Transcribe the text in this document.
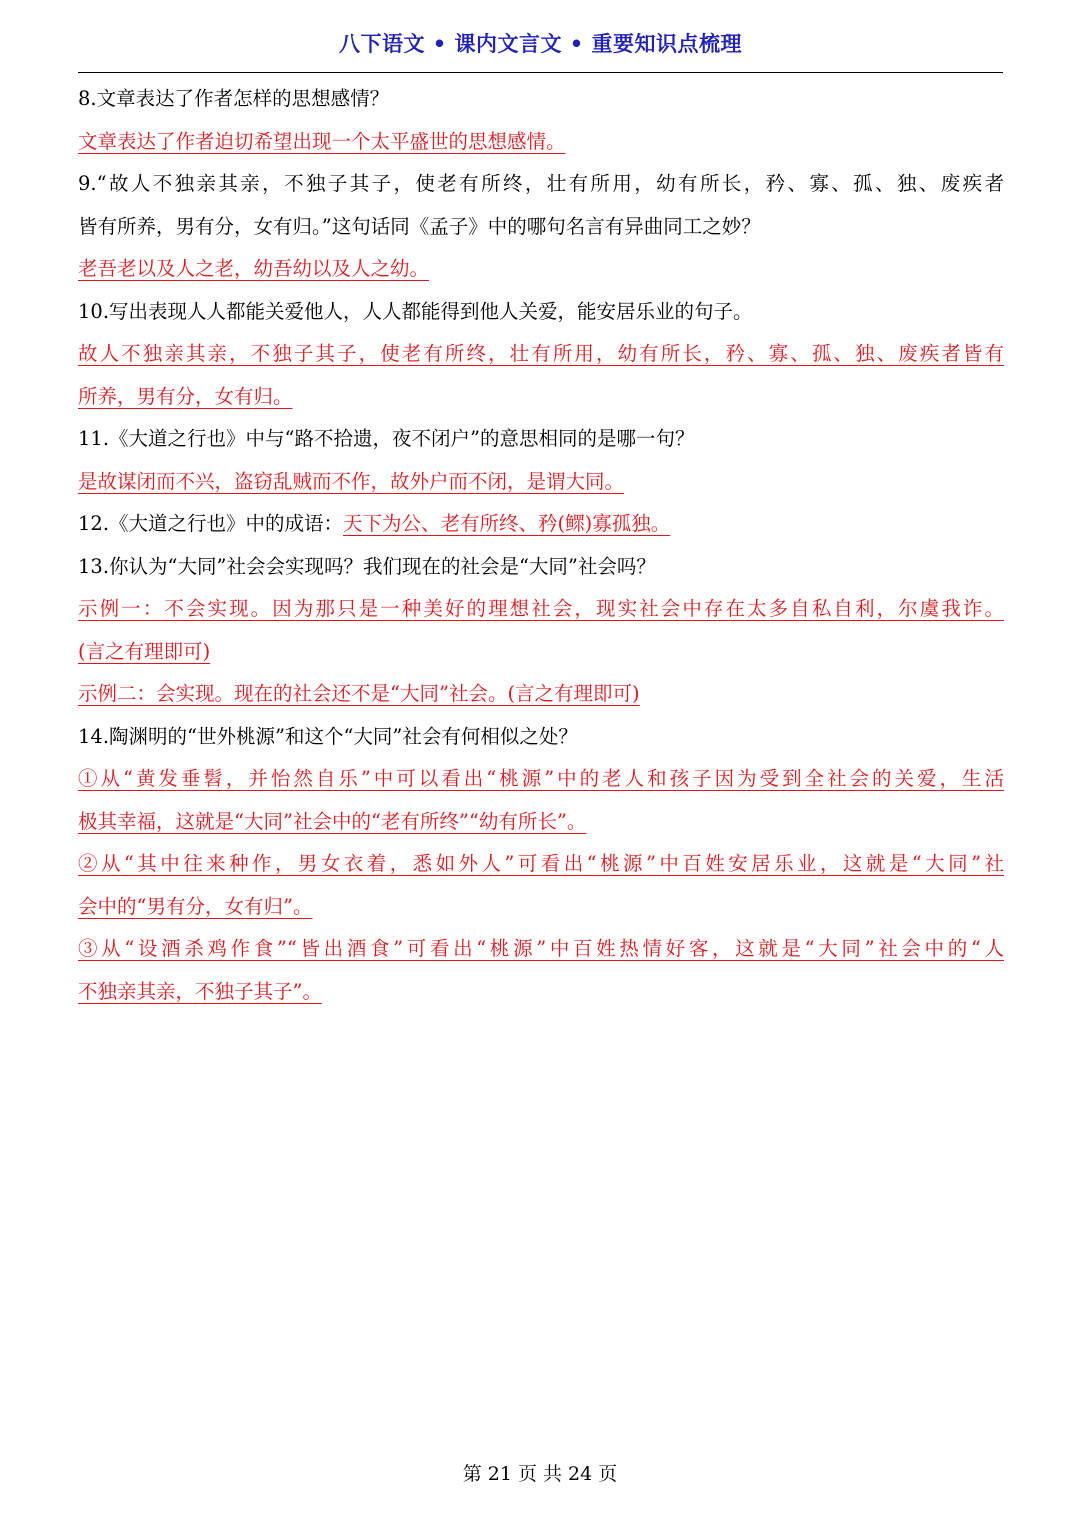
八下语文 • 课内文言文 • 重要知识点梳理
8.文章表达了作者怎样的思想感情？
文章表达了作者迫切希望出现一个太平盛世的思想感情。
9.“故人不独亲其亲，不独子其子，使老有所终，壮有所用，幼有所长，矜、寡、孤、独、废疾者
皆有所养，男有分，女有归。”这句话同《孟子》中的哪句名言有异曲同工之妙？
老吾老以及人之老，幼吾幼以及人之幼。
10.写出表现人人都能关爱他人，人人都能得到他人关爱，能安居乐业的句子。
故人不独亲其亲，不独子其子，使老有所终，壮有所用，幼有所长，矜、寡、孤、独、废疾者皆有
所养，男有分，女有归。
11.《大道之行也》中与“路不拾遗，夜不闭户”的意思相同的是哪一句？
是故谋闭而不兴，盗窃乱贼而不作，故外户而不闭，是谓大同。
12.《大道之行也》中的成语：天下为公、老有所终、矜(鳏)寡孤独。
13.你认为“大同”社会会实现吗？我们现在的社会是“大同”社会吗？
示例一：不会实现。因为那只是一种美好的理想社会，现实社会中存在太多自私自利，尔虞我诈。
(言之有理即可)
示例二：会实现。现在的社会还不是“大同”社会。(言之有理即可)
14.陶渊明的“世外桃源”和这个“大同”社会有何相似之处？
①从“黄发垂髫，并怡然自乐”中可以看出“桃源”中的老人和孩子因为受到全社会的关爱，生活
极其幸福，这就是“大同”社会中的“老有所终”“幼有所长”。
②从“其中往来种作，男女衣着，悉如外人”可看出“桃源”中百姓安居乐业，这就是“大同”社
会中的“男有分，女有归”。
③从“设酒杀鸡作食”“皆出酒食”可看出“桃源”中百姓热情好客，这就是“大同”社会中的“人
不独亲其亲，不独子其子”。
第 21 页 共 24 页
